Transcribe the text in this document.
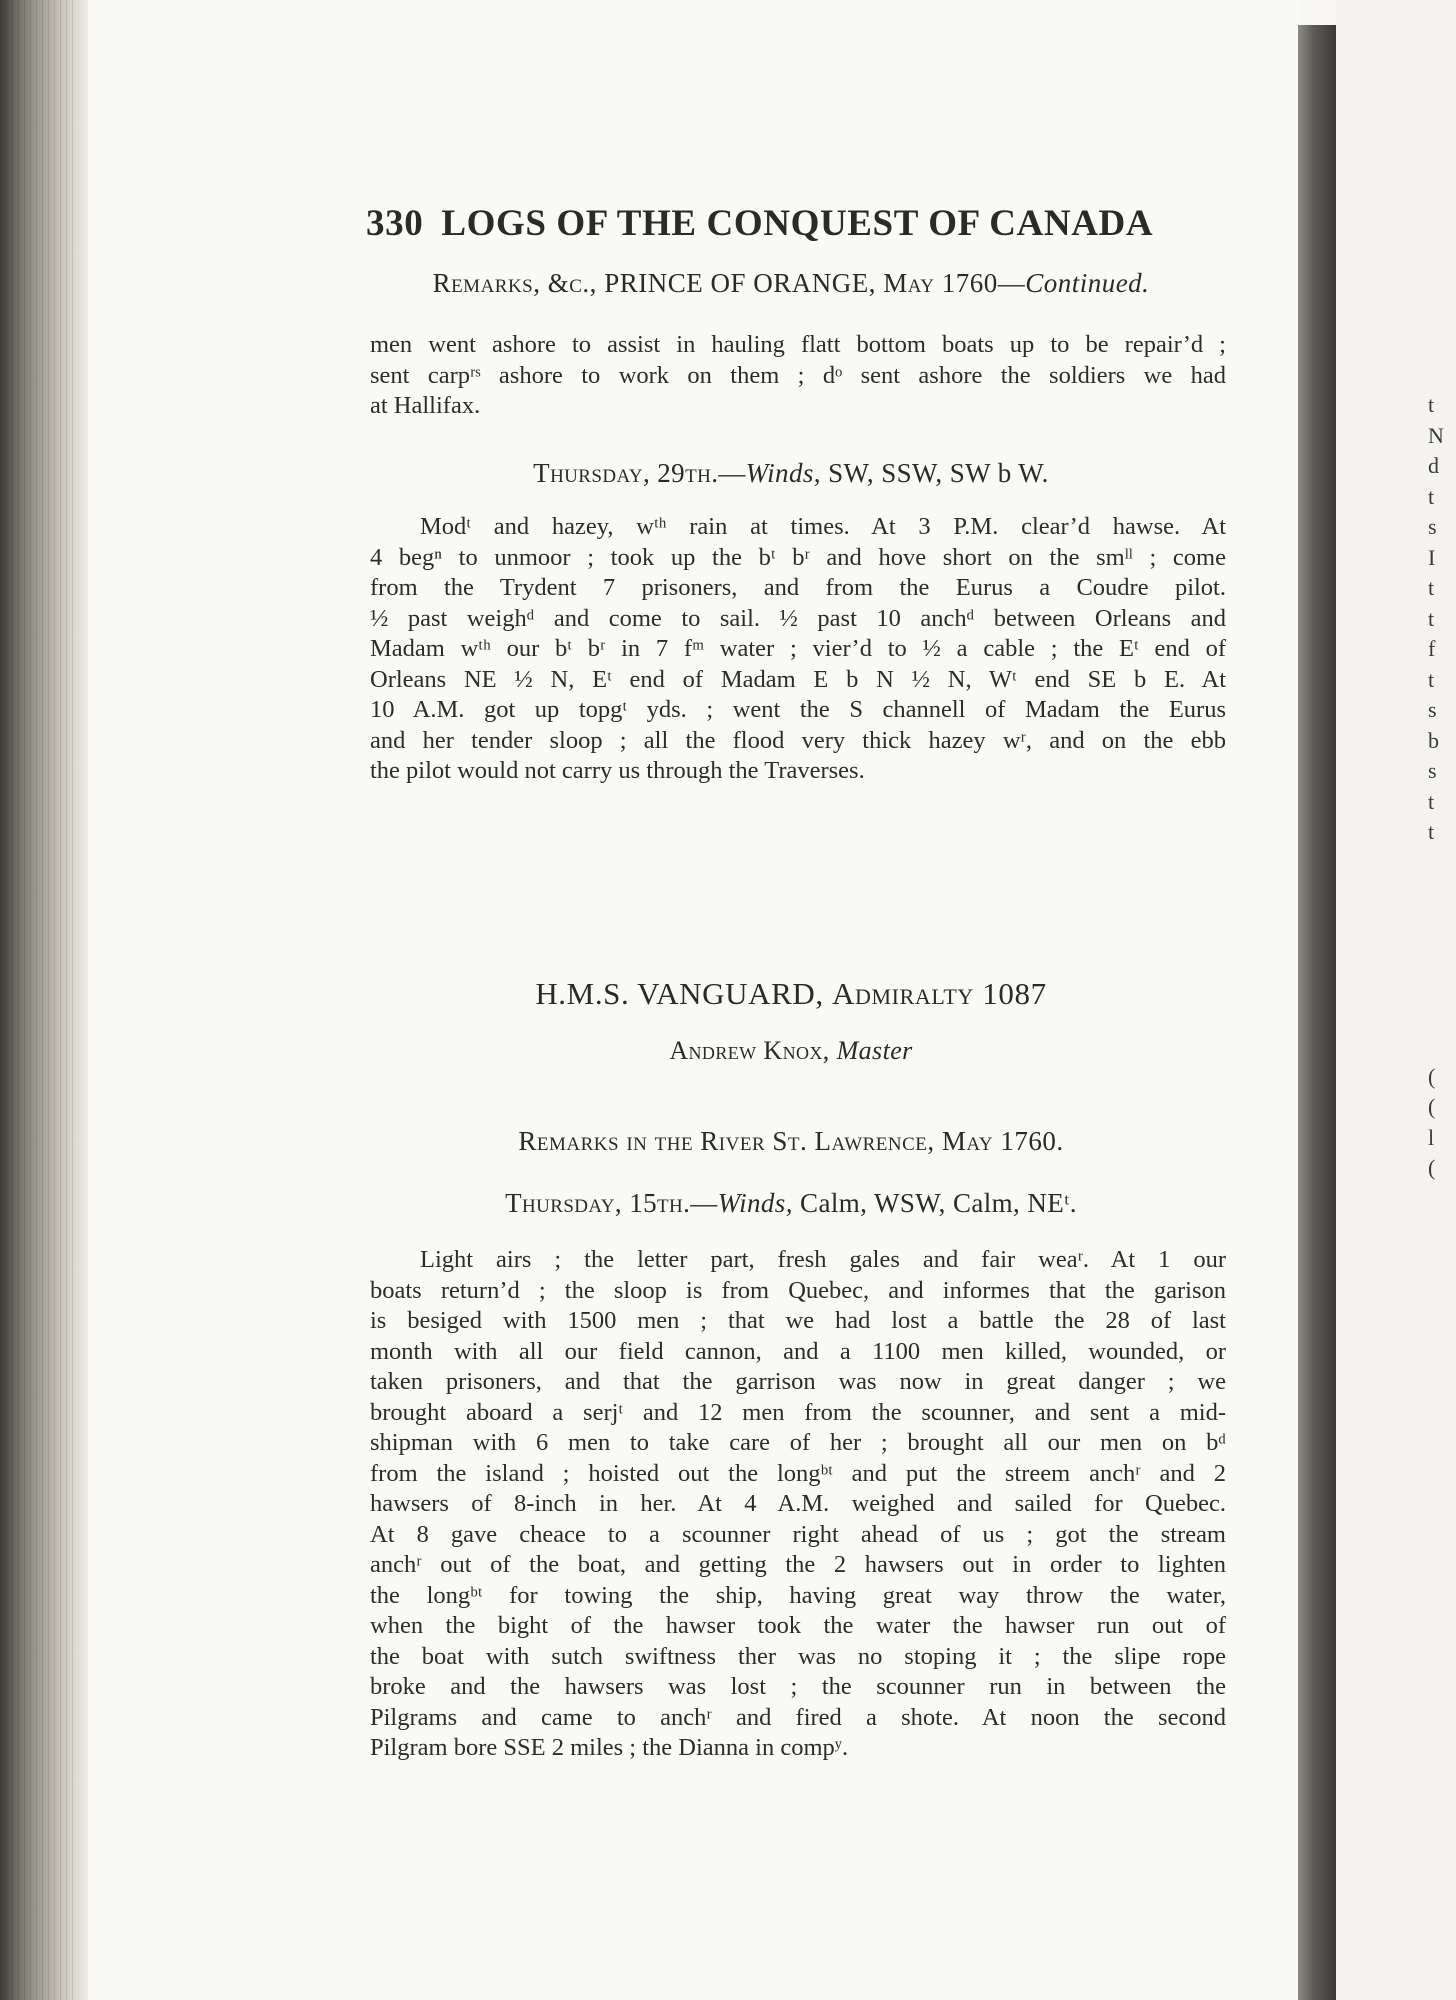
t
N
d
t
s
I
t
t
f
t
s
b
s
t
t
(
(
l
(
330 LOGS OF THE CONQUEST OF CANADA
Remarks, &c., PRINCE OF ORANGE, May 1760—Continued.
men went ashore to assist in hauling flatt bottom boats up to be repair’d ;
sent carpʳˢ ashore to work on them ; dᵒ sent ashore the soldiers we had
at Hallifax.
Thursday, 29th.—Winds, SW, SSW, SW b W.
Modᵗ and hazey, wᵗʰ rain at times. At 3 P.M. clear’d hawse. At
4 begⁿ to unmoor ; took up the bᵗ bʳ and hove short on the smˡˡ ; come
from the Trydent 7 prisoners, and from the Eurus a Coudre pilot.
½ past weighᵈ and come to sail. ½ past 10 anchᵈ between Orleans and
Madam wᵗʰ our bᵗ bʳ in 7 fᵐ water ; vier’d to ½ a cable ; the Eᵗ end of
Orleans NE ½ N, Eᵗ end of Madam E b N ½ N, Wᵗ end SE b E. At
10 A.M. got up topgᵗ yds. ; went the S channell of Madam the Eurus
and her tender sloop ; all the flood very thick hazey wʳ, and on the ebb
the pilot would not carry us through the Traverses.
H.M.S. VANGUARD, Admiralty 1087
Andrew Knox, Master
Remarks in the River St. Lawrence, May 1760.
Thursday, 15th.—Winds, Calm, WSW, Calm, NEᵗ.
Light airs ; the letter part, fresh gales and fair weaʳ. At 1 our
boats return’d ; the sloop is from Quebec, and informes that the garison
is besiged with 1500 men ; that we had lost a battle the 28 of last
month with all our field cannon, and a 1100 men killed, wounded, or
taken prisoners, and that the garrison was now in great danger ; we
brought aboard a serjᵗ and 12 men from the scounner, and sent a mid-
shipman with 6 men to take care of her ; brought all our men on bᵈ
from the island ; hoisted out the longᵇᵗ and put the streem anchʳ and 2
hawsers of 8-inch in her. At 4 A.M. weighed and sailed for Quebec.
At 8 gave cheace to a scounner right ahead of us ; got the stream
anchʳ out of the boat, and getting the 2 hawsers out in order to lighten
the longᵇᵗ for towing the ship, having great way throw the water,
when the bight of the hawser took the water the hawser run out of
the boat with sutch swiftness ther was no stoping it ; the slipe rope
broke and the hawsers was lost ; the scounner run in between the
Pilgrams and came to anchʳ and fired a shote. At noon the second
Pilgram bore SSE 2 miles ; the Dianna in compʸ.
